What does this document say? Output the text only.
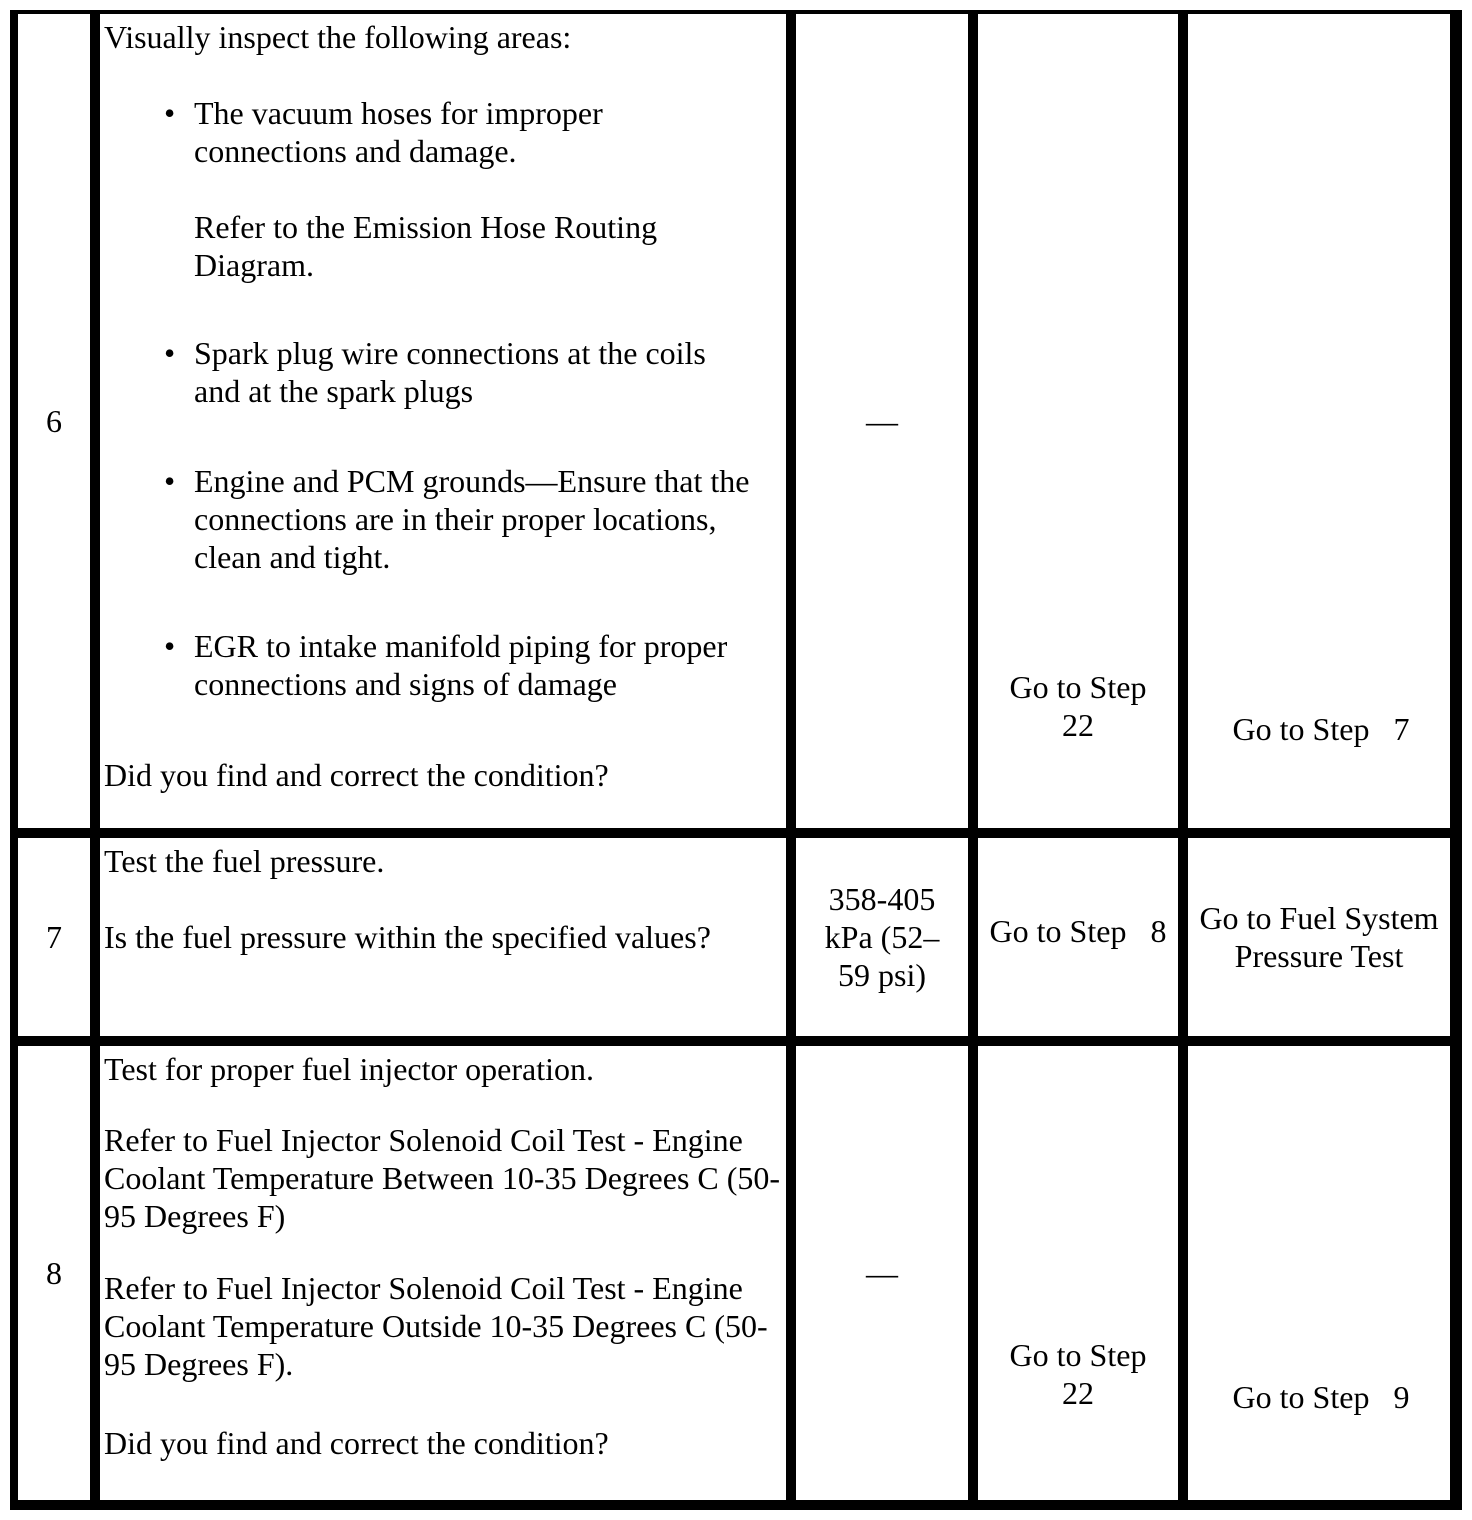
6

Visually inspect the following areas:

• The vacuum hoses for improper connections and damage.
Refer to the Emission Hose Routing Diagram.
• Spark plug wire connections at the coils and at the spark plugs
• Engine and PCM grounds—Ensure that the connections are in their proper locations, clean and tight.
• EGR to intake manifold piping for proper connections and signs of damage

Did you find and correct the condition?

—
Go to Step 22	Go to Step   7
7

Test the fuel pressure.

Is the fuel pressure within the specified values?

358-405 kPa (52–59 psi)
Go to Step   8 Go to Fuel System Pressure Test
8

Test for proper fuel injector operation.

Refer to Fuel Injector Solenoid Coil Test - Engine Coolant Temperature Between 10-35 Degrees C (50-95 Degrees F)

Refer to Fuel Injector Solenoid Coil Test - Engine Coolant Temperature Outside 10-35 Degrees C (50-95 Degrees F).

Did you find and correct the condition?

—
Go to Step 22	Go to Step   9
